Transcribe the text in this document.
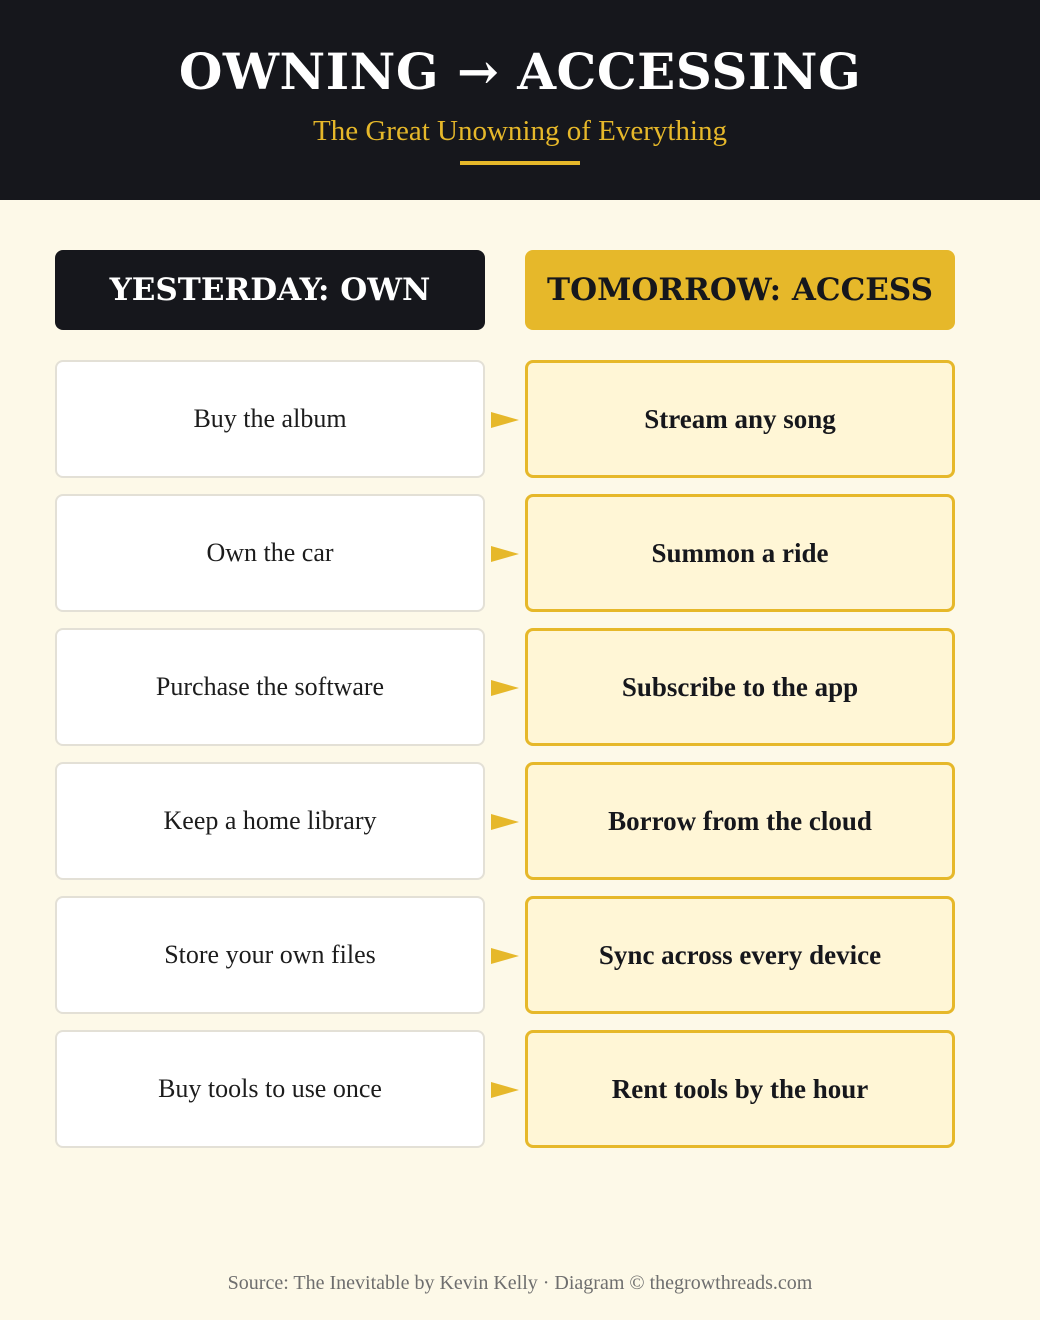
OWNING → ACCESSING
The Great Unowning of Everything
YESTERDAY: OWN	TOMORROW: ACCESS
Buy the album	Stream any song
Own the car	Summon a ride
Purchase the software	Subscribe to the app
Keep a home library	Borrow from the cloud
Store your own files	Sync across every device
Buy tools to use once	Rent tools by the hour
Source: The Inevitable by Kevin Kelly · Diagram © thegrowthreads.com
